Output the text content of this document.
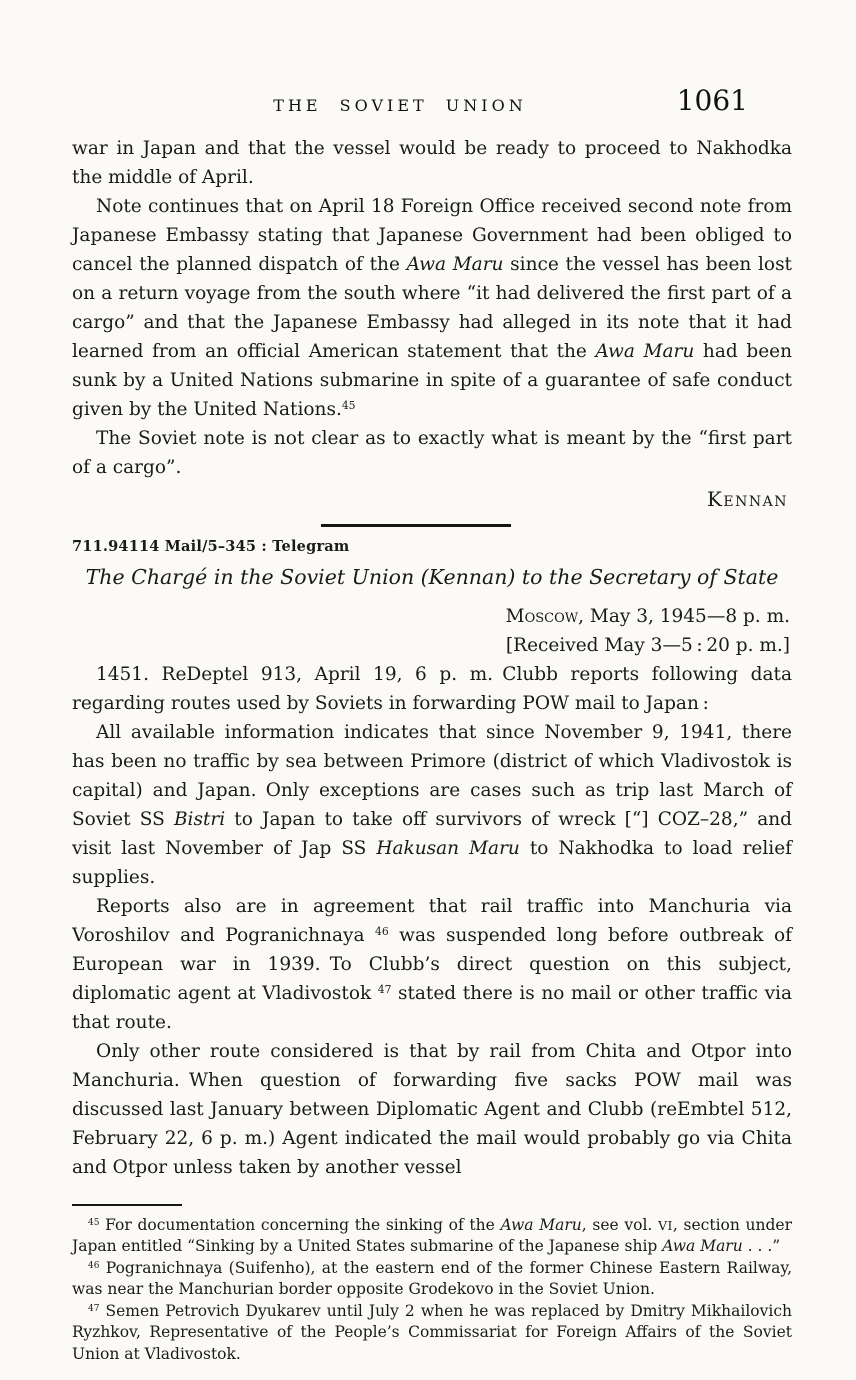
THE SOVIET UNION	1061

war in Japan and that the vessel would be ready to proceed to Nakhodka the middle of April.

Note continues that on April 18 Foreign Office received second note from Japanese Embassy stating that Japanese Government had been obliged to cancel the planned dispatch of the Awa Maru since the vessel has been lost on a return voyage from the south where “it had delivered the first part of a cargo” and that the Japanese Embassy had alleged in its note that it had learned from an official American statement that the Awa Maru had been sunk by a United Nations submarine in spite of a guarantee of safe conduct given by the United Nations.$^{45}$

The Soviet note is not clear as to exactly what is meant by the “first part of a cargo”.

Kennan

711.94114 Mail/5–345 : Telegram

The Chargé in the Soviet Union (Kennan) to the Secretary of State

Moscow, May 3, 1945—8 p. m.

[Received May 3—5 : 20 p. m.]

1451. ReDeptel 913, April 19, 6 p. m. Clubb reports following data regarding routes used by Soviets in forwarding POW mail to Japan :

All available information indicates that since November 9, 1941, there has been no traffic by sea between Primore (district of which Vladivostok is capital) and Japan. Only exceptions are cases such as trip last March of Soviet SS Bistri to Japan to take off survivors of wreck [“] COZ–28,” and visit last November of Jap SS Hakusan Maru to Nakhodka to load relief supplies.

Reports also are in agreement that rail traffic into Manchuria via Voroshilov and Pogranichnaya $^{46}$ was suspended long before outbreak of European war in 1939. To Clubb’s direct question on this subject, diplomatic agent at Vladivostok $^{47}$ stated there is no mail or other traffic via that route.

Only other route considered is that by rail from Chita and Otpor into Manchuria. When question of forwarding five sacks POW mail was discussed last January between Diplomatic Agent and Clubb (reEmbtel 512, February 22, 6 p. m.) Agent indicated the mail would probably go via Chita and Otpor unless taken by another vessel

$^{45}$ For documentation concerning the sinking of the Awa Maru, see vol. VI, section under Japan entitled “Sinking by a United States submarine of the Japanese ship Awa Maru . . .”

$^{46}$ Pogranichnaya (Suifenho), at the eastern end of the former Chinese Eastern Railway, was near the Manchurian border opposite Grodekovo in the Soviet Union.

$^{47}$ Semen Petrovich Dyukarev until July 2 when he was replaced by Dmitry Mikhailovich Ryzhkov, Representative of the People’s Commissariat for Foreign Affairs of the Soviet Union at Vladivostok.
